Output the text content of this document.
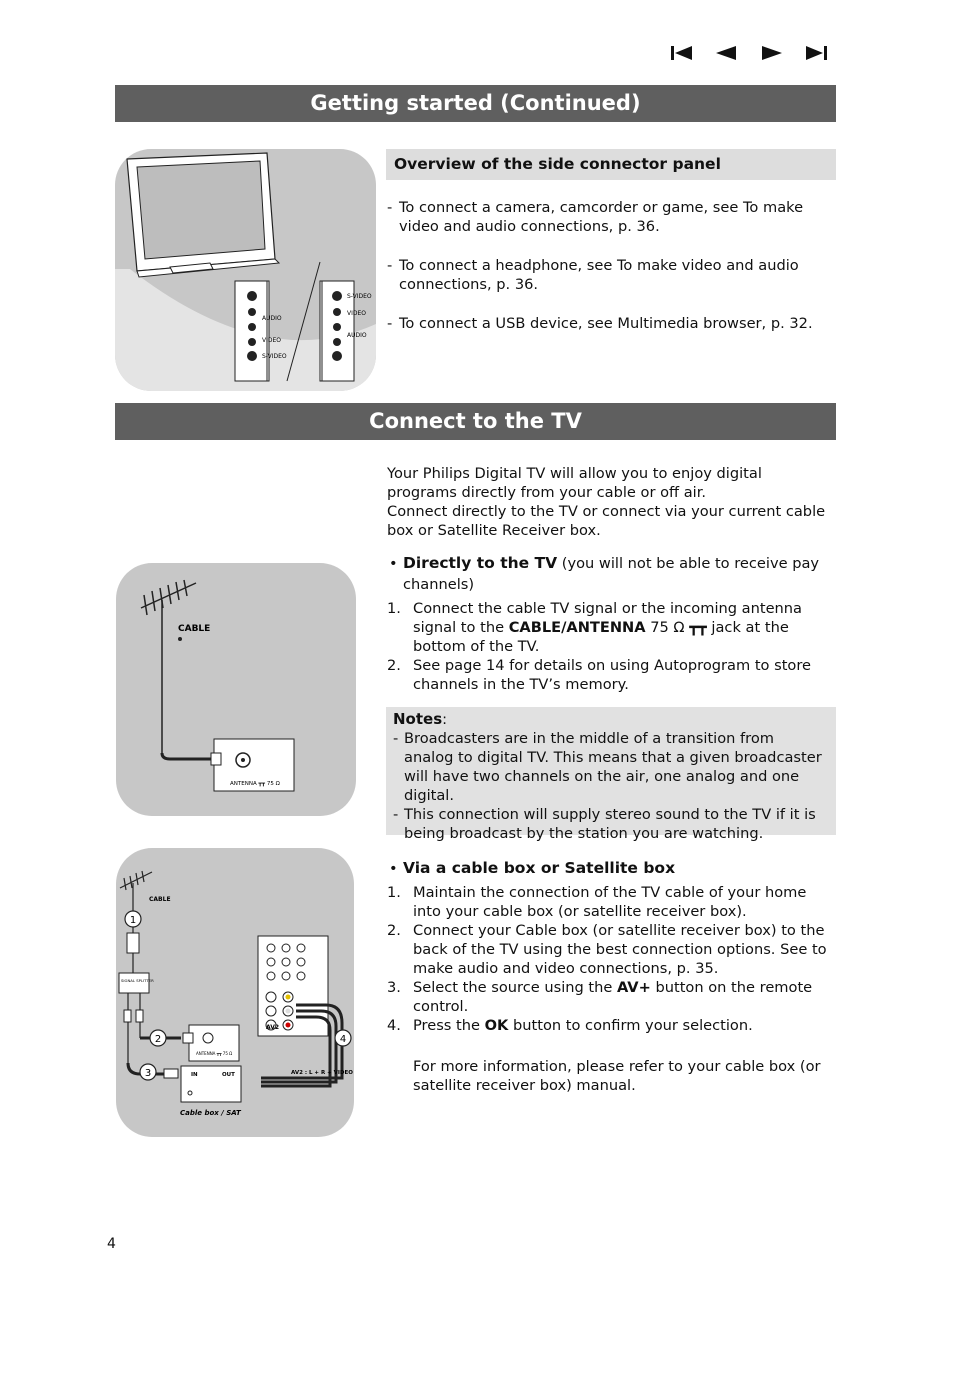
Getting started (Continued)
AUDIO
VIDEO
S-VIDEO
S-VIDEO
VIDEO
AUDIO
Overview of the side connector panel
- To connect a camera, camcorder or game, see To make video and audio connections, p. 36.
- To connect a headphone, see To make video and audio connections, p. 36.
- To connect a USB device, see Multimedia browser, p. 32.
Connect to the TV
Your Philips Digital TV will allow you to enjoy digital programs directly from your cable or off air.
Connect directly to the TV or connect via your current cable box or Satellite Receiver box.
• Directly to the TV (you will not be able to receive pay channels)
1. Connect the cable TV signal or the incoming antenna signal to the CABLE/ANTENNA 75 Ω ┳┳ jack at the bottom of the TV.
2. See page 14 for details on using Autoprogram to store channels in the TV’s memory.
Notes:
- Broadcasters are in the middle of a transition from analog to digital TV. This means that a given broadcaster will have two channels on the air, one analog and one digital.
- This connection will supply stereo sound to the TV if it is being broadcast by the station you are watching.
CABLE
ANTENNA ┳┳ 75 Ω
CABLE
SIGNAL SPLITTER
ANTENNA ┳┳ 75 Ω
AV2
IN	OUT	AV2 : L + R + VIDEO
Cable box / SAT
1
2
3
4
• Via a cable box or Satellite box
1. Maintain the connection of the TV cable of your home into your cable box (or satellite receiver box).
2. Connect your Cable box (or satellite receiver box) to the back of the TV using the best connection options. See to make audio and video connections, p. 35.
3. Select the source using the AV+ button on the remote control.
4. Press the OK button to confirm your selection.
For more information, please refer to your cable box (or satellite receiver box) manual.
4
